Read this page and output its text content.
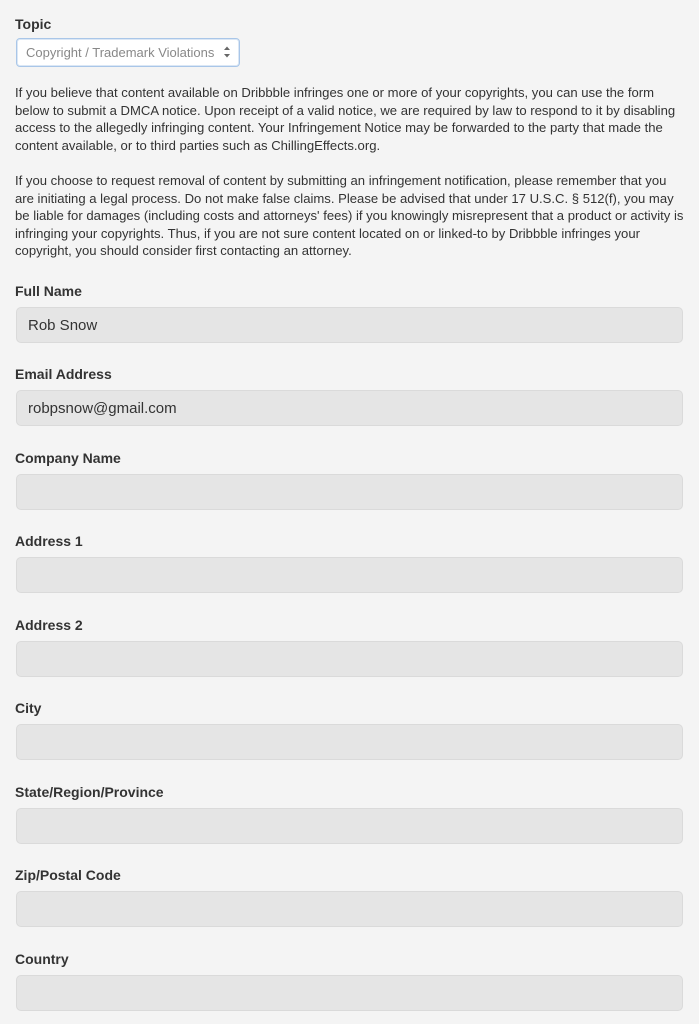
Topic
Copyright / Trademark Violations
If you believe that content available on Dribbble infringes one or more of your copyrights, you can use the form below to submit a DMCA notice. Upon receipt of a valid notice, we are required by law to respond to it by disabling access to the allegedly infringing content. Your Infringement Notice may be forwarded to the party that made the content available, or to third parties such as ChillingEffects.org.
If you choose to request removal of content by submitting an infringement notification, please remember that you are initiating a legal process. Do not make false claims. Please be advised that under 17 U.S.C. § 512(f), you may be liable for damages (including costs and attorneys' fees) if you knowingly misrepresent that a product or activity is infringing your copyrights. Thus, if you are not sure content located on or linked-to by Dribbble infringes your copyright, you should consider first contacting an attorney.
Full Name
Rob Snow
Email Address
robpsnow@gmail.com
Company Name
Address 1
Address 2
City
State/Region/Province
Zip/Postal Code
Country
